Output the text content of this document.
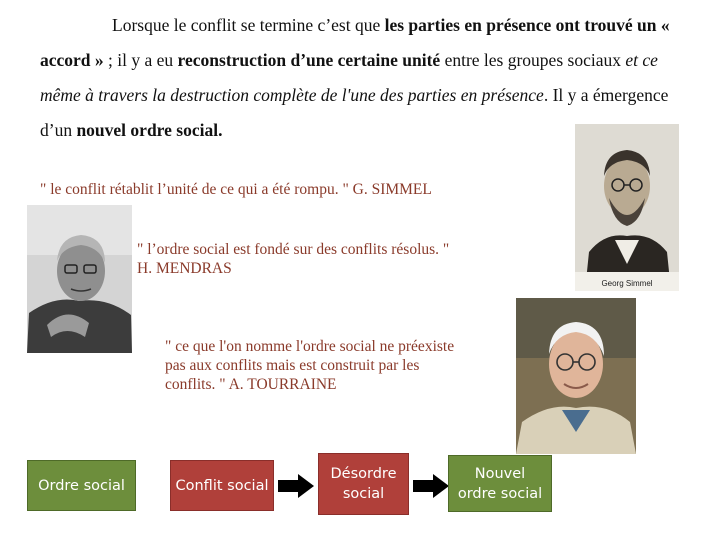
Lorsque le conflit se termine c’est que les parties en présence ont trouvé un « accord » ; il y a eu reconstruction d’une certaine unité entre les groupes sociaux et ce même à travers la destruction complète de l'une des parties en présence. Il y a émergence d’un nouvel ordre social.
" le conflit rétablit l’unité de ce qui a été rompu. " G. SIMMEL
" l’ordre social est fondé sur des conflits résolus. "
H. MENDRAS
" ce que l'on nomme l'ordre social ne préexiste
pas aux conflits mais est construit par les
conflits. " A. TOURRAINE
Georg Simmel
Ordre social	Conflit social
Désordre
social
Nouvel
ordre social
